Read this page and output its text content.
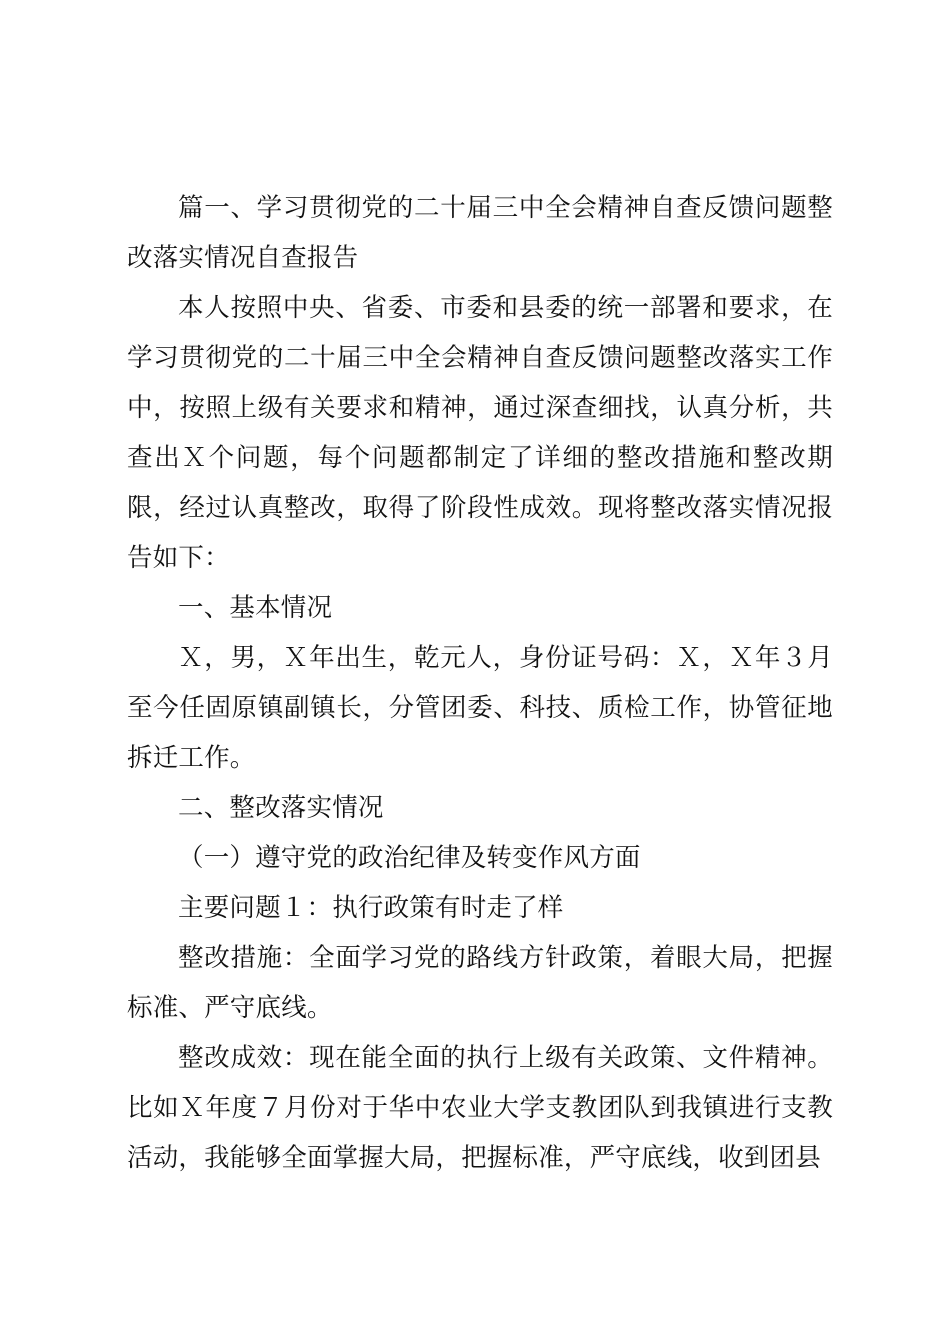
篇一、学习贯彻党的二十届三中全会精神自查反馈问题整改落实情况自查报告

本人按照中央、省委、市委和县委的统一部署和要求，在学习贯彻党的二十届三中全会精神自查反馈问题整改落实工作中，按照上级有关要求和精神，通过深查细找，认真分析，共查出Ｘ个问题，每个问题都制定了详细的整改措施和整改期限，经过认真整改，取得了阶段性成效。现将整改落实情况报告如下：

一、基本情况

Ｘ，男，Ｘ年出生，乾元人，身份证号码：Ｘ，Ｘ年３月至今任固原镇副镇长，分管团委、科技、质检工作，协管征地拆迁工作。

二、整改落实情况

（一）遵守党的政治纪律及转变作风方面

主要问题１：执行政策有时走了样

整改措施：全面学习党的路线方针政策，着眼大局，把握标准、严守底线。

整改成效：现在能全面的执行上级有关政策、文件精神。比如Ｘ年度７月份对于华中农业大学支教团队到我镇进行支教活动，我能够全面掌握大局，把握标准，严守底线，收到团县
